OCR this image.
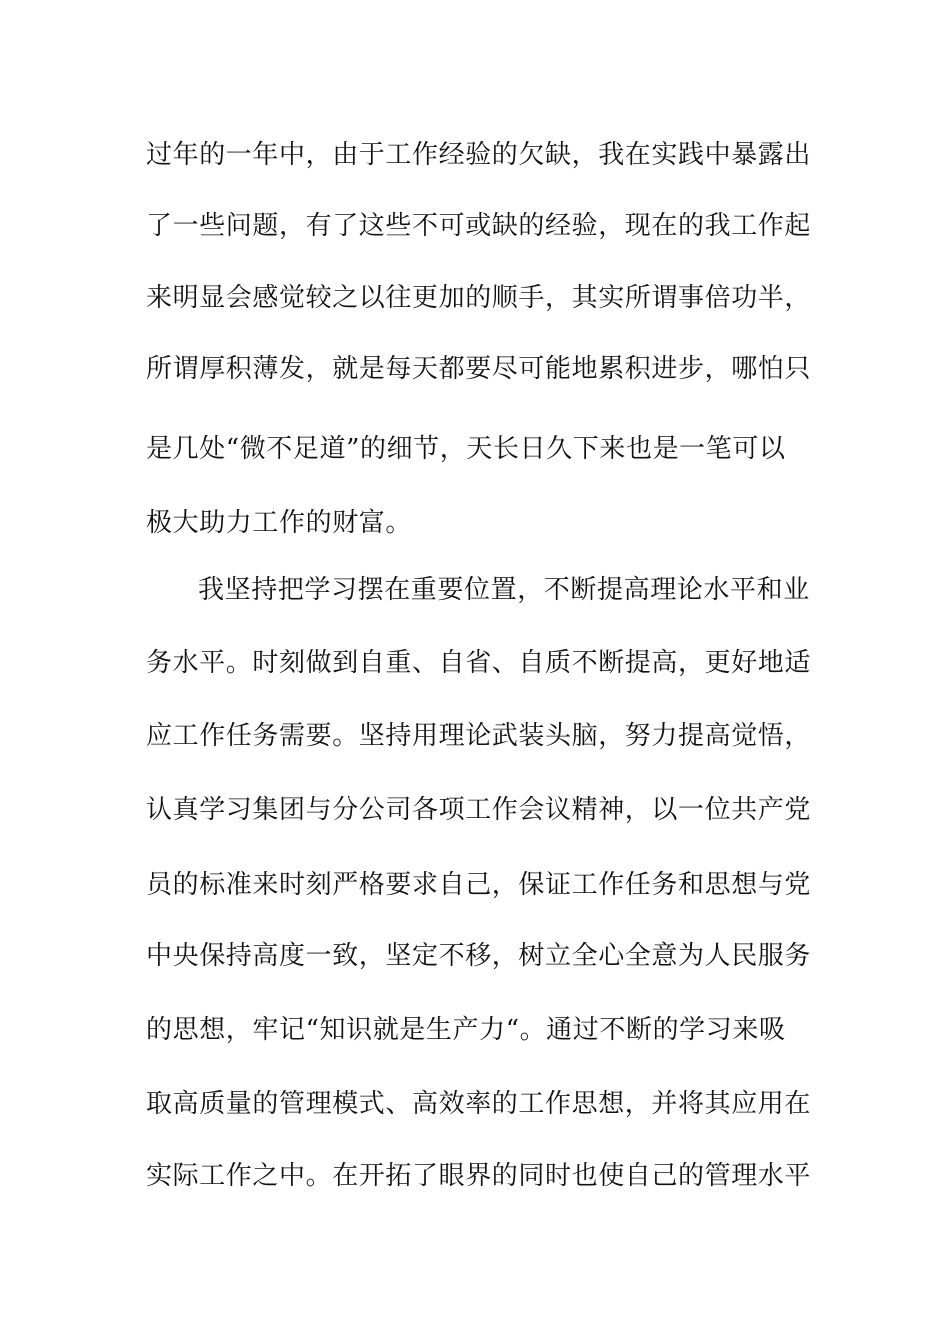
过年的一年中，由于工作经验的欠缺，我在实践中暴露出
了一些问题，有了这些不可或缺的经验，现在的我工作起
来明显会感觉较之以往更加的顺手，其实所谓事倍功半，
所谓厚积薄发，就是每天都要尽可能地累积进步，哪怕只
是几处“微不足道”的细节，天长日久下来也是一笔可以
极大助力工作的财富。
我坚持把学习摆在重要位置，不断提高理论水平和业
务水平。时刻做到自重、自省、自质不断提高，更好地适
应工作任务需要。坚持用理论武装头脑，努力提高觉悟，
认真学习集团与分公司各项工作会议精神，以一位共产党
员的标准来时刻严格要求自己，保证工作任务和思想与党
中央保持高度一致，坚定不移，树立全心全意为人民服务
的思想，牢记“知识就是生产力“。通过不断的学习来吸
取高质量的管理模式、高效率的工作思想，并将其应用在
实际工作之中。在开拓了眼界的同时也使自己的管理水平
